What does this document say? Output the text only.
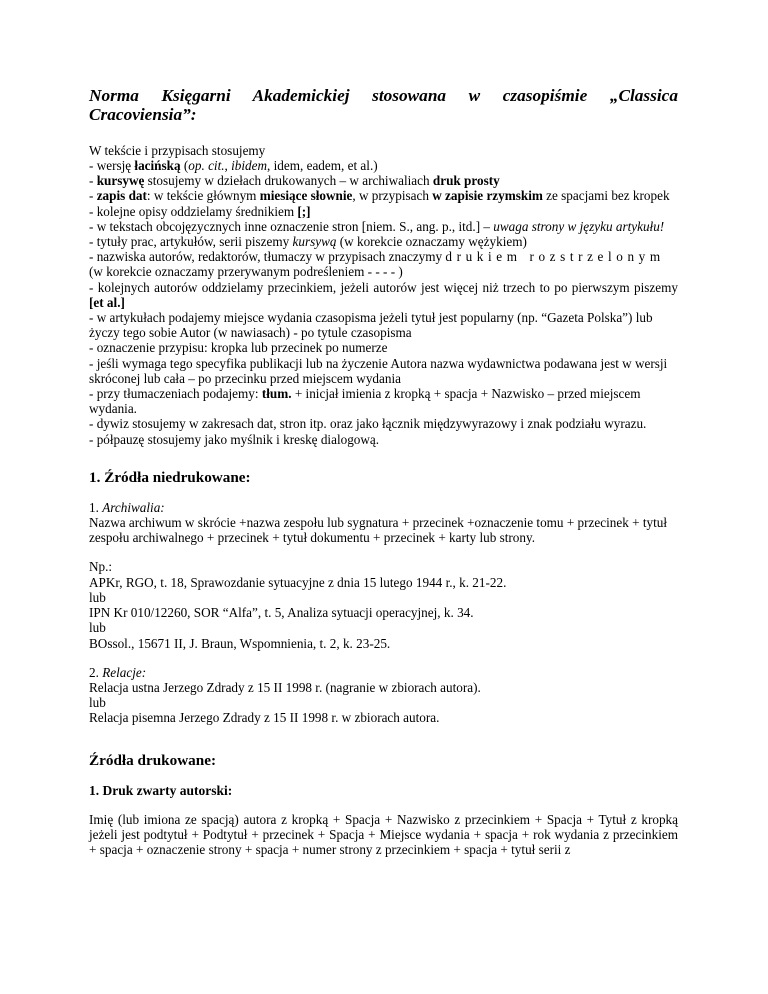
Norma Księgarni Akademickiej stosowana w czasopiśmie „Classica
Cracoviensia”:

W tekście i przypisach stosujemy

- wersję łacińską (op. cit., ibidem, idem, eadem, et al.)

- kursywę stosujemy w dziełach drukowanych – w archiwaliach druk prosty

- zapis dat: w tekście głównym miesiące słownie, w przypisach w zapisie rzymskim ze spacjami bez kropek

- kolejne opisy oddzielamy średnikiem [;]

- w tekstach obcojęzycznych inne oznaczenie stron [niem. S., ang. p., itd.] – uwaga strony w języku artykułu!

- tytuły prac, artykułów, serii piszemy kursywą (w korekcie oznaczamy wężykiem)

- nazwiska autorów, redaktorów, tłumaczy w przypisach znaczymy drukiem rozstrzelonym (w korekcie oznaczamy przerywanym podreśleniem - - - - )

- kolejnych autorów oddzielamy przecinkiem, jeżeli autorów jest więcej niż trzech to po pierwszym piszemy [et al.]

- w artykułach podajemy miejsce wydania czasopisma jeżeli tytuł jest popularny (np. “Gazeta Polska”) lub życzy tego sobie Autor (w nawiasach) - po tytule czasopisma

- oznaczenie przypisu: kropka lub przecinek po numerze

- jeśli wymaga tego specyfika publikacji lub na życzenie Autora nazwa wydawnictwa podawana jest w wersji skróconej lub cała – po przecinku przed miejscem wydania

- przy tłumaczeniach podajemy: tłum. + inicjał imienia z kropką + spacja + Nazwisko – przed miejscem wydania.

- dywiz stosujemy w zakresach dat, stron itp. oraz jako łącznik międzywyrazowy i znak podziału wyrazu.

- półpauzę stosujemy jako myślnik i kreskę dialogową.

1. Źródła niedrukowane:

1. Archiwalia:

Nazwa archiwum w skrócie +nazwa zespołu lub sygnatura + przecinek +oznaczenie tomu + przecinek + tytuł zespołu archiwalnego + przecinek + tytuł dokumentu + przecinek + karty lub strony.

Np.:

APKr, RGO, t. 18, Sprawozdanie sytuacyjne z dnia 15 lutego 1944 r., k. 21-22.

lub

IPN Kr 010/12260, SOR “Alfa”, t. 5, Analiza sytuacji operacyjnej, k. 34.

lub

BOssol., 15671 II, J. Braun, Wspomnienia, t. 2, k. 23-25.

2. Relacje:

Relacja ustna Jerzego Zdrady z 15 II 1998 r. (nagranie w zbiorach autora).

lub

Relacja pisemna Jerzego Zdrady z 15 II 1998 r. w zbiorach autora.

Źródła drukowane:
1. Druk zwarty autorski:

Imię (lub imiona ze spacją) autora z kropką + Spacja + Nazwisko z przecinkiem + Spacja + Tytuł z kropką jeżeli jest podtytuł + Podtytuł + przecinek + Spacja + Miejsce wydania + spacja + rok wydania z przecinkiem + spacja + oznaczenie strony + spacja + numer strony z przecinkiem + spacja + tytuł serii z
